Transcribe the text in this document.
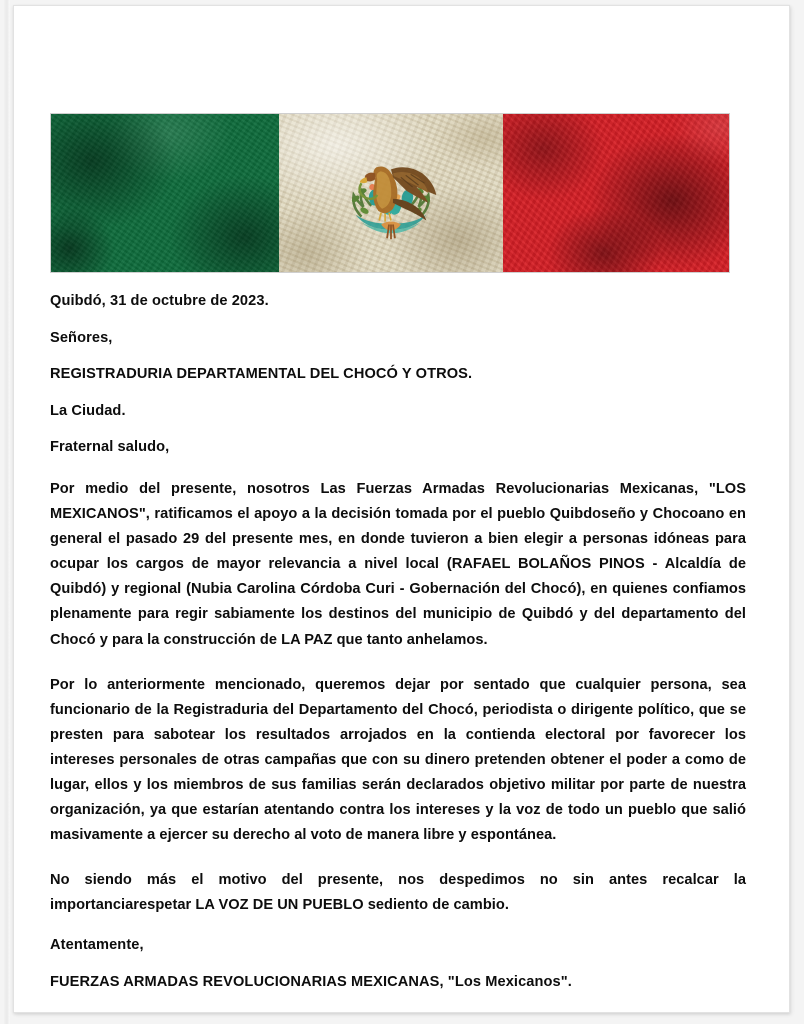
Quibdó, 31 de octubre de 2023.

Señores,

REGISTRADURIA DEPARTAMENTAL DEL CHOCÓ Y OTROS.

La Ciudad.

Fraternal saludo,

Por medio del presente, nosotros Las Fuerzas Armadas Revolucionarias Mexicanas, "LOS MEXICANOS", ratificamos el apoyo a la decisión tomada por el pueblo Quibdoseño y Chocoano en general el pasado 29 del presente mes, en donde tuvieron a bien elegir a personas idóneas para ocupar los cargos de mayor relevancia a nivel local (RAFAEL BOLAÑOS PINOS - Alcaldía de Quibdó) y regional (Nubia Carolina Córdoba Curi - Gobernación del Chocó), en quienes confiamos plenamente para regir sabiamente los destinos del municipio de Quibdó y del departamento del Chocó y para la construcción de LA PAZ que tanto anhelamos.

Por lo anteriormente mencionado, queremos dejar por sentado que cualquier persona, sea funcionario de la Registraduria del Departamento del Chocó, periodista o dirigente político, que se presten para sabotear los resultados arrojados en la contienda electoral por favorecer los intereses personales de otras campañas que con su dinero pretenden obtener el poder a como de lugar, ellos y los miembros de sus familias serán declarados objetivo militar por parte de nuestra organización, ya que estarían atentando contra los intereses y la voz de todo un pueblo que salió masivamente a ejercer su derecho al voto de manera libre y espontánea.

No siendo más el motivo del presente, nos despedimos no sin antes recalcar la importanciarespetar LA VOZ DE UN PUEBLO sediento de cambio.

Atentamente,

FUERZAS ARMADAS REVOLUCIONARIAS MEXICANAS, "Los Mexicanos".
